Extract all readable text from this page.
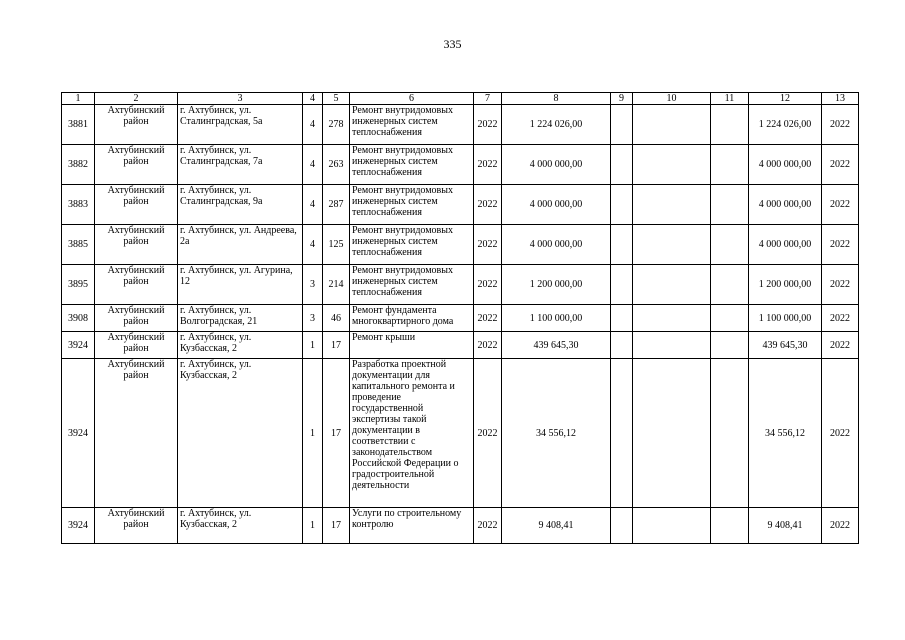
335
1	2	3	4	5	6	7	8	9	10	11	12	13
3881	Ахтубинский район	г. Ахтубинск, ул. Сталинградская, 5а	4	278	Ремонт внутридомовых инженерных систем теплоснабжения	2022	1 224 026,00				1 224 026,00	2022
3882	Ахтубинский район	г. Ахтубинск, ул. Сталинградская, 7а	4	263	Ремонт внутридомовых инженерных систем теплоснабжения	2022	4 000 000,00				4 000 000,00	2022
3883	Ахтубинский район	г. Ахтубинск, ул. Сталинградская, 9а	4	287	Ремонт внутридомовых инженерных систем теплоснабжения	2022	4 000 000,00				4 000 000,00	2022
3885	Ахтубинский район	г. Ахтубинск, ул. Андреева, 2а	4	125	Ремонт внутридомовых инженерных систем теплоснабжения	2022	4 000 000,00				4 000 000,00	2022
3895	Ахтубинский район	г. Ахтубинск, ул. Агурина, 12	3	214	Ремонт внутридомовых инженерных систем теплоснабжения	2022	1 200 000,00				1 200 000,00	2022
3908	Ахтубинский район	г. Ахтубинск, ул. Волгоградская, 21	3	46	Ремонт фундамента многоквартирного дома	2022	1 100 000,00				1 100 000,00	2022
3924	Ахтубинский район	г. Ахтубинск, ул. Кузбасская, 2	1	17	Ремонт крыши	2022	439 645,30				439 645,30	2022
3924	Ахтубинский район	г. Ахтубинск, ул. Кузбасская, 2	1	17	Разработка проектной документации для капитального ремонта и проведение государственной экспертизы такой документации в соответствии с законодательством Российской Федерации о градостроительной деятельности	2022	34 556,12				34 556,12	2022
3924	Ахтубинский район	г. Ахтубинск, ул. Кузбасская, 2	1	17	Услуги по строительному контролю	2022	9 408,41				9 408,41	2022
